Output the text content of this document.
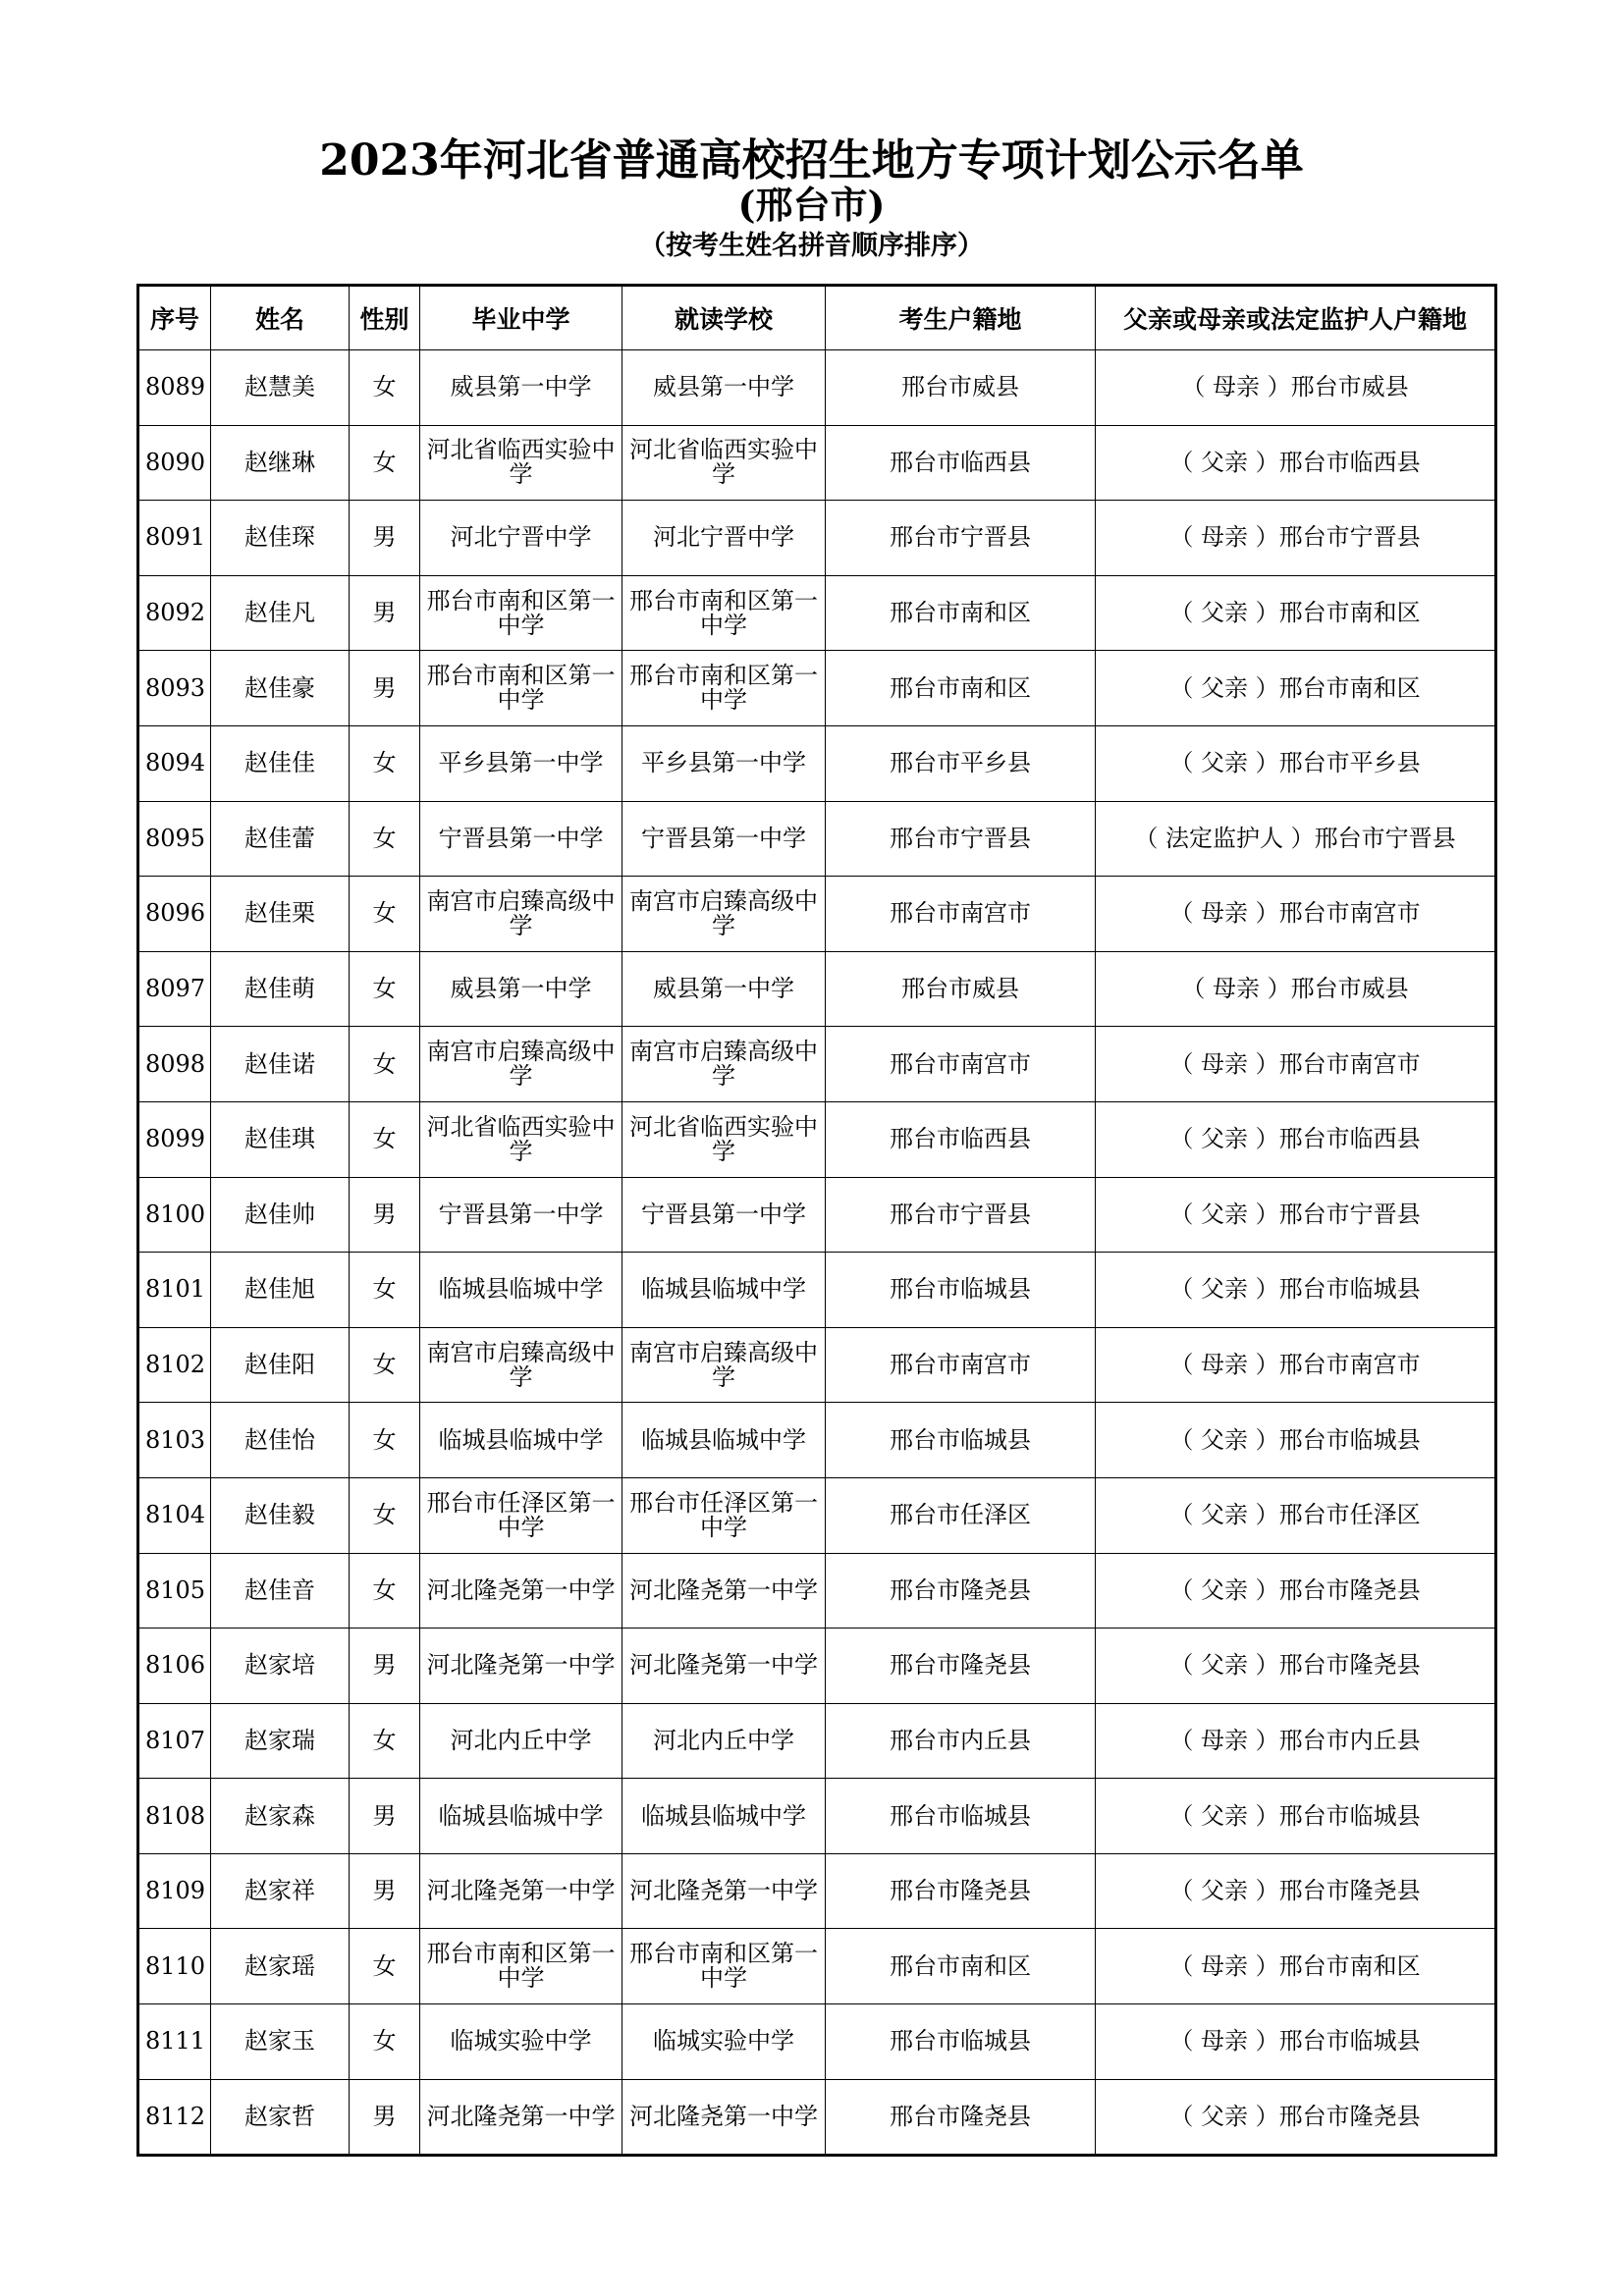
2023年河北省普通高校招生地方专项计划公示名单
(邢台市)
（按考生姓名拼音顺序排序）
序号	姓名	性别	毕业中学	就读学校	考生户籍地	父亲或母亲或法定监护人户籍地
8089	赵慧美	女	威县第一中学	威县第一中学	邢台市威县	（ 母亲 ）邢台市威县
8090	赵继琳	女	河北省临西实验中学	河北省临西实验中学	邢台市临西县	（ 父亲 ）邢台市临西县
8091	赵佳琛	男	河北宁晋中学	河北宁晋中学	邢台市宁晋县	（ 母亲 ）邢台市宁晋县
8092	赵佳凡	男	邢台市南和区第一中学	邢台市南和区第一中学	邢台市南和区	（ 父亲 ）邢台市南和区
8093	赵佳豪	男	邢台市南和区第一中学	邢台市南和区第一中学	邢台市南和区	（ 父亲 ）邢台市南和区
8094	赵佳佳	女	平乡县第一中学	平乡县第一中学	邢台市平乡县	（ 父亲 ）邢台市平乡县
8095	赵佳蕾	女	宁晋县第一中学	宁晋县第一中学	邢台市宁晋县	（ 法定监护人 ）邢台市宁晋县
8096	赵佳栗	女	南宫市启臻高级中学	南宫市启臻高级中学	邢台市南宫市	（ 母亲 ）邢台市南宫市
8097	赵佳萌	女	威县第一中学	威县第一中学	邢台市威县	（ 母亲 ）邢台市威县
8098	赵佳诺	女	南宫市启臻高级中学	南宫市启臻高级中学	邢台市南宫市	（ 母亲 ）邢台市南宫市
8099	赵佳琪	女	河北省临西实验中学	河北省临西实验中学	邢台市临西县	（ 父亲 ）邢台市临西县
8100	赵佳帅	男	宁晋县第一中学	宁晋县第一中学	邢台市宁晋县	（ 父亲 ）邢台市宁晋县
8101	赵佳旭	女	临城县临城中学	临城县临城中学	邢台市临城县	（ 父亲 ）邢台市临城县
8102	赵佳阳	女	南宫市启臻高级中学	南宫市启臻高级中学	邢台市南宫市	（ 母亲 ）邢台市南宫市
8103	赵佳怡	女	临城县临城中学	临城县临城中学	邢台市临城县	（ 父亲 ）邢台市临城县
8104	赵佳毅	女	邢台市任泽区第一中学	邢台市任泽区第一中学	邢台市任泽区	（ 父亲 ）邢台市任泽区
8105	赵佳音	女	河北隆尧第一中学	河北隆尧第一中学	邢台市隆尧县	（ 父亲 ）邢台市隆尧县
8106	赵家培	男	河北隆尧第一中学	河北隆尧第一中学	邢台市隆尧县	（ 父亲 ）邢台市隆尧县
8107	赵家瑞	女	河北内丘中学	河北内丘中学	邢台市内丘县	（ 母亲 ）邢台市内丘县
8108	赵家森	男	临城县临城中学	临城县临城中学	邢台市临城县	（ 父亲 ）邢台市临城县
8109	赵家祥	男	河北隆尧第一中学	河北隆尧第一中学	邢台市隆尧县	（ 父亲 ）邢台市隆尧县
8110	赵家瑶	女	邢台市南和区第一中学	邢台市南和区第一中学	邢台市南和区	（ 母亲 ）邢台市南和区
8111	赵家玉	女	临城实验中学	临城实验中学	邢台市临城县	（ 母亲 ）邢台市临城县
8112	赵家哲	男	河北隆尧第一中学	河北隆尧第一中学	邢台市隆尧县	（ 父亲 ）邢台市隆尧县
